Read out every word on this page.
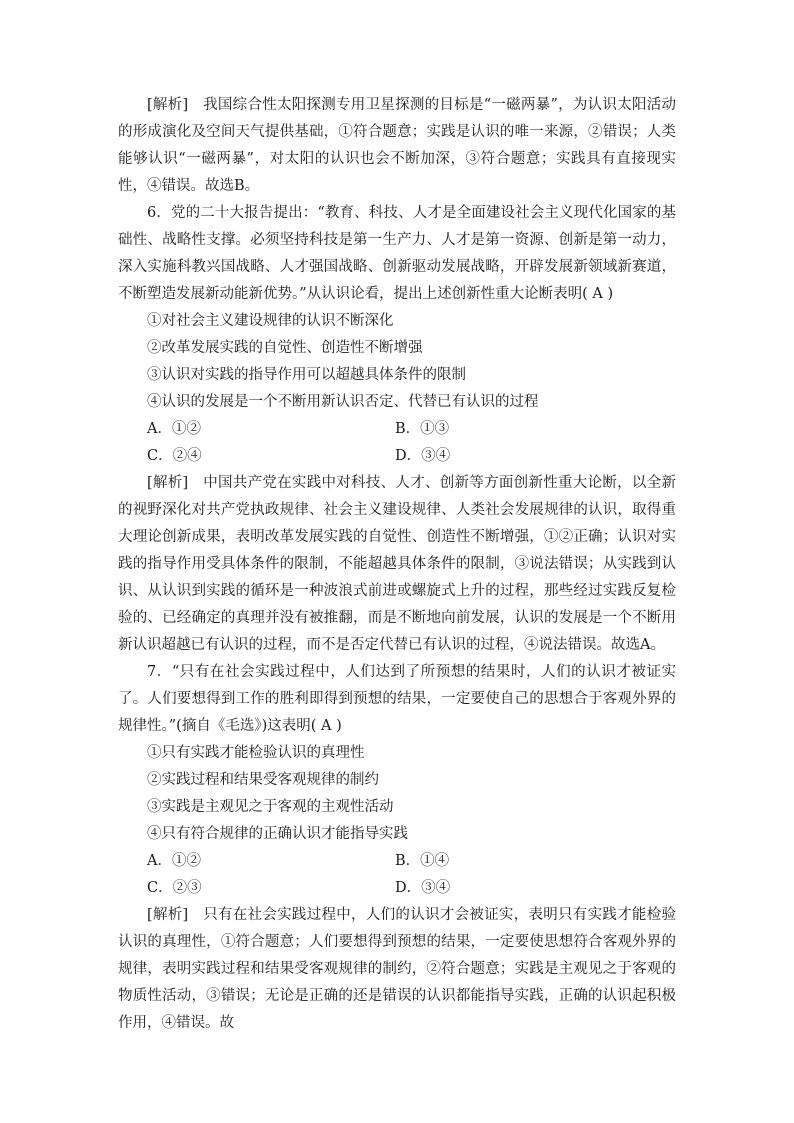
[解析]　我国综合性太阳探测专用卫星探测的目标是“一磁两暴”，为认识太阳活动的形成演化及空间天气提供基础，①符合题意；实践是认识的唯一来源，②错误；人类能够认识“一磁两暴”，对太阳的认识也会不断加深，③符合题意；实践具有直接现实性，④错误。故选B。

6．党的二十大报告提出：“教育、科技、人才是全面建设社会主义现代化国家的基础性、战略性支撑。必须坚持科技是第一生产力、人才是第一资源、创新是第一动力，深入实施科教兴国战略、人才强国战略、创新驱动发展战略，开辟发展新领域新赛道，不断塑造发展新动能新优势。”从认识论看，提出上述创新性重大论断表明( A )

①对社会主义建设规律的认识不断深化

②改革发展实践的自觉性、创造性不断增强

③认识对实践的指导作用可以超越具体条件的限制

④认识的发展是一个不断用新认识否定、代替已有认识的过程

A．①②	B．①③
C．②④	D．③④

[解析]　中国共产党在实践中对科技、人才、创新等方面创新性重大论断，以全新的视野深化对共产党执政规律、社会主义建设规律、人类社会发展规律的认识，取得重大理论创新成果，表明改革发展实践的自觉性、创造性不断增强，①②正确；认识对实践的指导作用受具体条件的限制，不能超越具体条件的限制，③说法错误；从实践到认识、从认识到实践的循环是一种波浪式前进或螺旋式上升的过程，那些经过实践反复检验的、已经确定的真理并没有被推翻，而是不断地向前发展，认识的发展是一个不断用新认识超越已有认识的过程，而不是否定代替已有认识的过程，④说法错误。故选A。

7．“只有在社会实践过程中，人们达到了所预想的结果时，人们的认识才被证实了。人们要想得到工作的胜利即得到预想的结果，一定要使自己的思想合于客观外界的规律性。”(摘自《毛选》)这表明( A )

①只有实践才能检验认识的真理性

②实践过程和结果受客观规律的制约

③实践是主观见之于客观的主观性活动

④只有符合规律的正确认识才能指导实践

A．①②	B．①④
C．②③	D．③④

[解析]　只有在社会实践过程中，人们的认识才会被证实，表明只有实践才能检验认识的真理性，①符合题意；人们要想得到预想的结果，一定要使思想符合客观外界的规律，表明实践过程和结果受客观规律的制约，②符合题意；实践是主观见之于客观的物质性活动，③错误；无论是正确的还是错误的认识都能指导实践，正确的认识起积极作用，④错误。故
